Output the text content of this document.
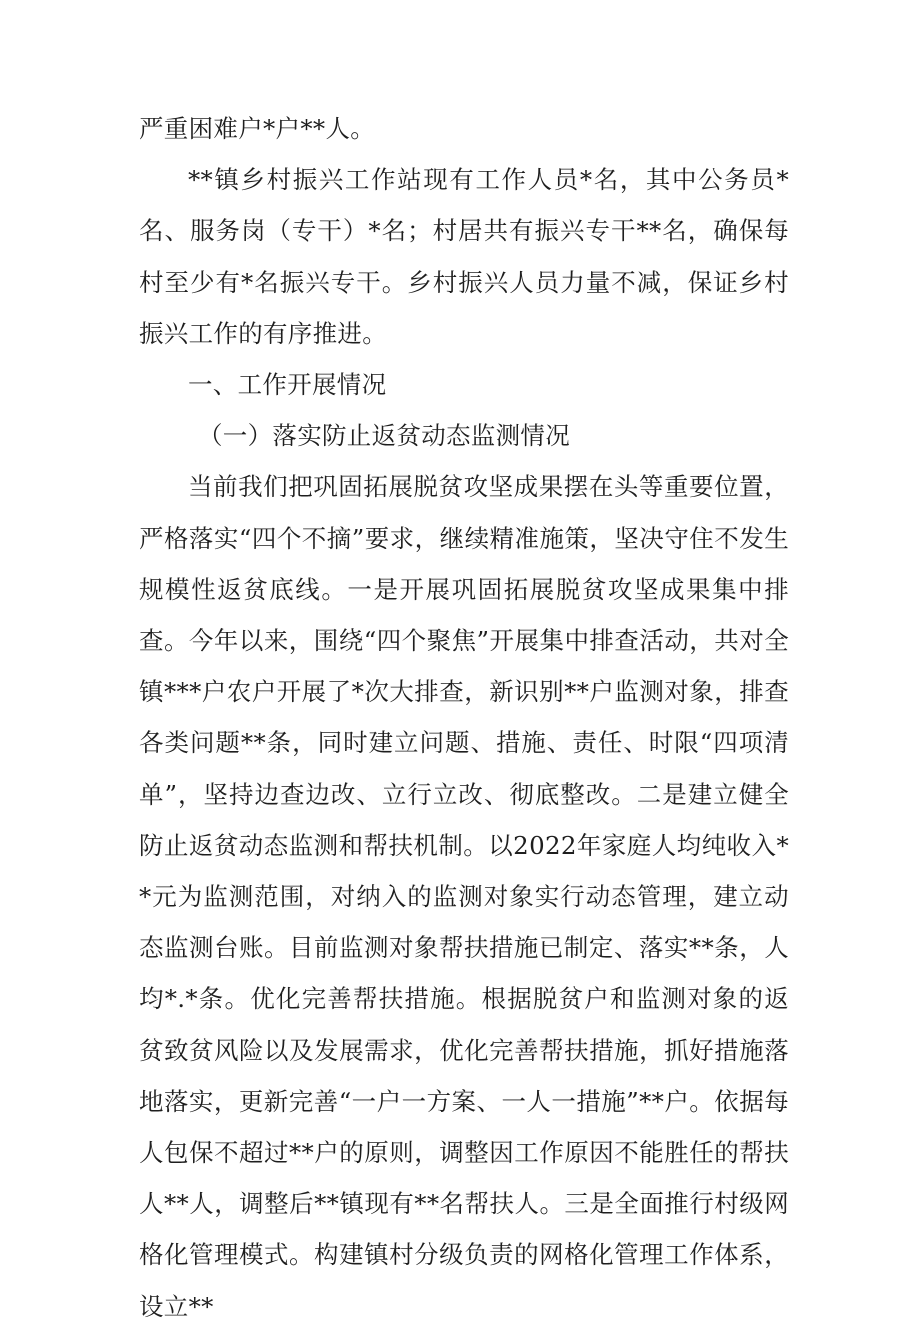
严重困难户*户**人。

**镇乡村振兴工作站现有工作人员*名，其中公务员*名、服务岗（专干）*名；村居共有振兴专干**名，确保每村至少有*名振兴专干。乡村振兴人员力量不减，保证乡村振兴工作的有序推进。

一、工作开展情况

（一）落实防止返贫动态监测情况

当前我们把巩固拓展脱贫攻坚成果摆在头等重要位置，严格落实“四个不摘”要求，继续精准施策，坚决守住不发生规模性返贫底线。一是开展巩固拓展脱贫攻坚成果集中排查。今年以来，围绕“四个聚焦”开展集中排查活动，共对全镇***户农户开展了*次大排查，新识别**户监测对象，排查各类问题**条，同时建立问题、措施、责任、时限“四项清单”，坚持边查边改、立行立改、彻底整改。二是建立健全防止返贫动态监测和帮扶机制。以2022年家庭人均纯收入**元为监测范围，对纳入的监测对象实行动态管理，建立动态监测台账。目前监测对象帮扶措施已制定、落实**条，人均*.*条。优化完善帮扶措施。根据脱贫户和监测对象的返贫致贫风险以及发展需求，优化完善帮扶措施，抓好措施落地落实，更新完善“一户一方案、一人一措施”**户。依据每人包保不超过**户的原则，调整因工作原因不能胜任的帮扶人**人，调整后**镇现有**名帮扶人。三是全面推行村级网格化管理模式。构建镇村分级负责的网格化管理工作体系，设立**
